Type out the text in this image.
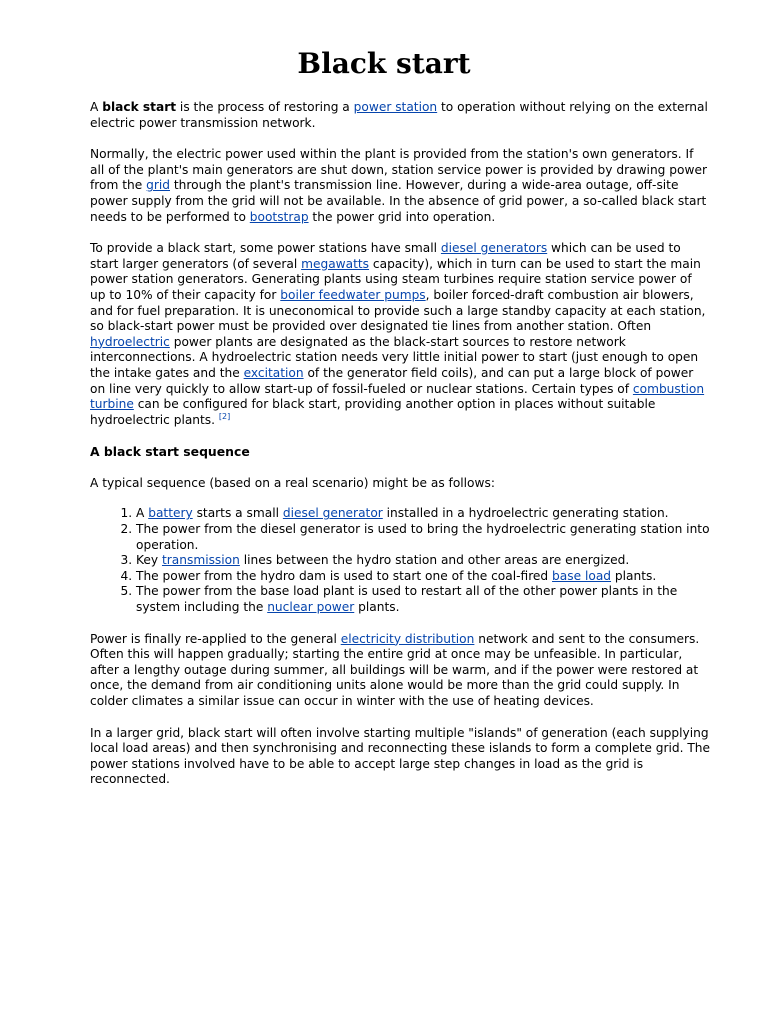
Black start

A black start is the process of restoring a power station to operation without relying on the external electric power transmission network.

Normally, the electric power used within the plant is provided from the station's own generators. If all of the plant's main generators are shut down, station service power is provided by drawing power from the grid through the plant's transmission line. However, during a wide-area outage, off-site power supply from the grid will not be available. In the absence of grid power, a so-called black start needs to be performed to bootstrap the power grid into operation.

To provide a black start, some power stations have small diesel generators which can be used to start larger generators (of several megawatts capacity), which in turn can be used to start the main power station generators. Generating plants using steam turbines require station service power of up to 10% of their capacity for boiler feedwater pumps, boiler forced-draft combustion air blowers, and for fuel preparation. It is uneconomical to provide such a large standby capacity at each station, so black-start power must be provided over designated tie lines from another station. Often hydroelectric power plants are designated as the black-start sources to restore network interconnections. A hydroelectric station needs very little initial power to start (just enough to open the intake gates and the excitation of the generator field coils), and can put a large block of power on line very quickly to allow start-up of fossil-fueled or nuclear stations. Certain types of combustion turbine can be configured for black start, providing another option in places without suitable hydroelectric plants. [2]

A black start sequence

A typical sequence (based on a real scenario) might be as follows:

1. A battery starts a small diesel generator installed in a hydroelectric generating station.
2. The power from the diesel generator is used to bring the hydroelectric generating station into operation.
3. Key transmission lines between the hydro station and other areas are energized.
4. The power from the hydro dam is used to start one of the coal-fired base load plants.
5. The power from the base load plant is used to restart all of the other power plants in the system including the nuclear power plants.

Power is finally re-applied to the general electricity distribution network and sent to the consumers. Often this will happen gradually; starting the entire grid at once may be unfeasible. In particular, after a lengthy outage during summer, all buildings will be warm, and if the power were restored at once, the demand from air conditioning units alone would be more than the grid could supply. In colder climates a similar issue can occur in winter with the use of heating devices.

In a larger grid, black start will often involve starting multiple "islands" of generation (each supplying local load areas) and then synchronising and reconnecting these islands to form a complete grid. The power stations involved have to be able to accept large step changes in load as the grid is reconnected.
